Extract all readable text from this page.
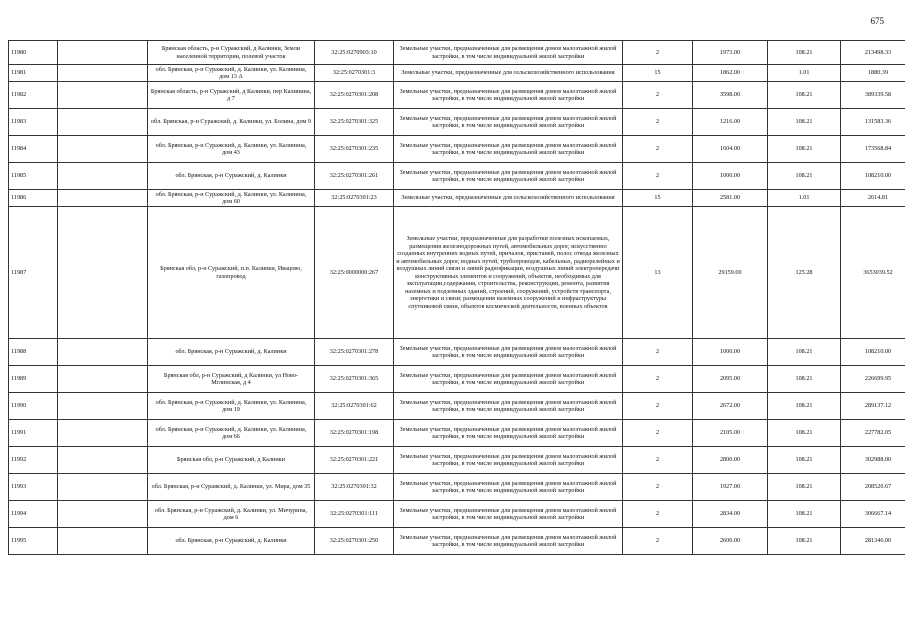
675
11980		Брянская область, р-н Суражский, д Калинки, Земли населенной территории, полевой участок	32:25:0270903:10	Земельные участки, предназначенные для размещения домов малоэтажной жилой застройки, в том числе индивидуальной жилой застройки	2	1973.00	108.21	213498.33
11981		обл. Брянская, р-н Суражский, д. Калинки, ул. Калинина, дом 13 А	32:25:0270301:3	Земельные участки, предназначенные для сельскохозяйственного использования	15	1862.00	1.01	1880.39
11982		Брянская область, р-н Суражский, д Калинки, пер Калинина, д 7	32:25:0270301:208	Земельные участки, предназначенные для размещения домов малоэтажной жилой застройки, в том числе индивидуальной жилой застройки	2	3598.00	108.21	389339.58
11983		обл. Брянская, р-н Суражский, д. Калинки, ул. Болина, дом 9	32:25:0270301:325	Земельные участки, предназначенные для размещения домов малоэтажной жилой застройки, в том числе индивидуальной жилой застройки	2	1216.00	108.21	131583.36
11984		обл. Брянская, р-н Суражский, д. Калинки, ул. Калинина, дом 43	32:25:0270301:235	Земельные участки, предназначенные для размещения домов малоэтажной жилой застройки, в том числе индивидуальной жилой застройки	2	1604.00	108.21	173568.84
11985		обл. Брянская, р-н Суражский, д. Калинки	32:25:0270301:261	Земельные участки, предназначенные для размещения домов малоэтажной жилой застройки, в том числе индивидуальной жилой застройки	2	1000.00	108.21	108210.00
11986		обл. Брянская, р-н Суражский, д. Калинки, ул. Калинина, дом 60	32:25:0270301:23	Земельные участки, предназначенные для сельскохозяйственного использования	15	2581.00	1.01	2614.81
11987		Брянская обл, р-н Суражский, п.п. Калинки, Ивацово, газопровод	32:25:0000000:267	Земельные участки, предназначенные для разработки полезных ископаемых, размещения железнодорожных путей, автомобильных дорог, искусственно созданных внутренних водных путей, причалов, пристаней, полос отвода железных и автомобильных дорог, водных путей, трубопроводов, кабельных, радиорелейных и воздушных линий связи и линий радиофикации, воздушных линий электропередачи конструктивных элементов и сооружений, объектов, необходимых для эксплуатации,содержания, строительства, реконструкции, ремонта, развития наземных и подземных зданий, строений, сооружений, устройств транспорта, энергетики и связи; размещения наземных сооружений и инфраструктуры спутниковой связи, объектов космической деятельности, военных объектов	13	29159.00	125.28	3653039.52
11988		обл. Брянская, р-н Суражский, д. Калинки	32:25:0270301:278	Земельные участки, предназначенные для размещения домов малоэтажной жилой застройки, в том числе индивидуальной жилой застройки	2	1000.00	108.21	108210.00
11989		Брянская обл, р-н Суражский, д Калинки, ул Ново-Мглинская, д 4	32:25:0270301:365	Земельные участки, предназначенные для размещения домов малоэтажной жилой застройки, в том числе индивидуальной жилой застройки	2	2095.00	108.21	226699.95
11990		обл. Брянская, р-н Суражский, д. Калинки, ул. Калинина, дом 19	32:25:0270301:62	Земельные участки, предназначенные для размещения домов малоэтажной жилой застройки, в том числе индивидуальной жилой застройки	2	2672.00	108.21	289137.12
11991		обл. Брянская, р-н Суражский, д. Калинки, ул. Калинина, дом 66	32:25:0270301:198	Земельные участки, предназначенные для размещения домов малоэтажной жилой застройки, в том числе индивидуальной жилой застройки	2	2105.00	108.21	227782.05
11992		Брянская обл, р-н Суражский, д Калинки	32:25:0270301:221	Земельные участки, предназначенные для размещения домов малоэтажной жилой застройки, в том числе индивидуальной жилой застройки	2	2800.00	108.21	302988.00
11993		обл. Брянская, р-н Суражский, д. Калинки, ул. Мира, дом 35	32:25:0270301:32	Земельные участки, предназначенные для размещения домов малоэтажной жилой застройки, в том числе индивидуальной жилой застройки	2	1927.00	108.21	208520.67
11994		обл. Брянская, р-н Суражский, д. Калинки, ул. Мичурина, дом 6	32:25:0270301:111	Земельные участки, предназначенные для размещения домов малоэтажной жилой застройки, в том числе индивидуальной жилой застройки	2	2834.00	108.21	306667.14
11995		обл. Брянская, р-н Суражский, д. Калинки	32:25:0270301:250	Земельные участки, предназначенные для размещения домов малоэтажной жилой застройки, в том числе индивидуальной жилой застройки	2	2600.00	108.21	281346.00
